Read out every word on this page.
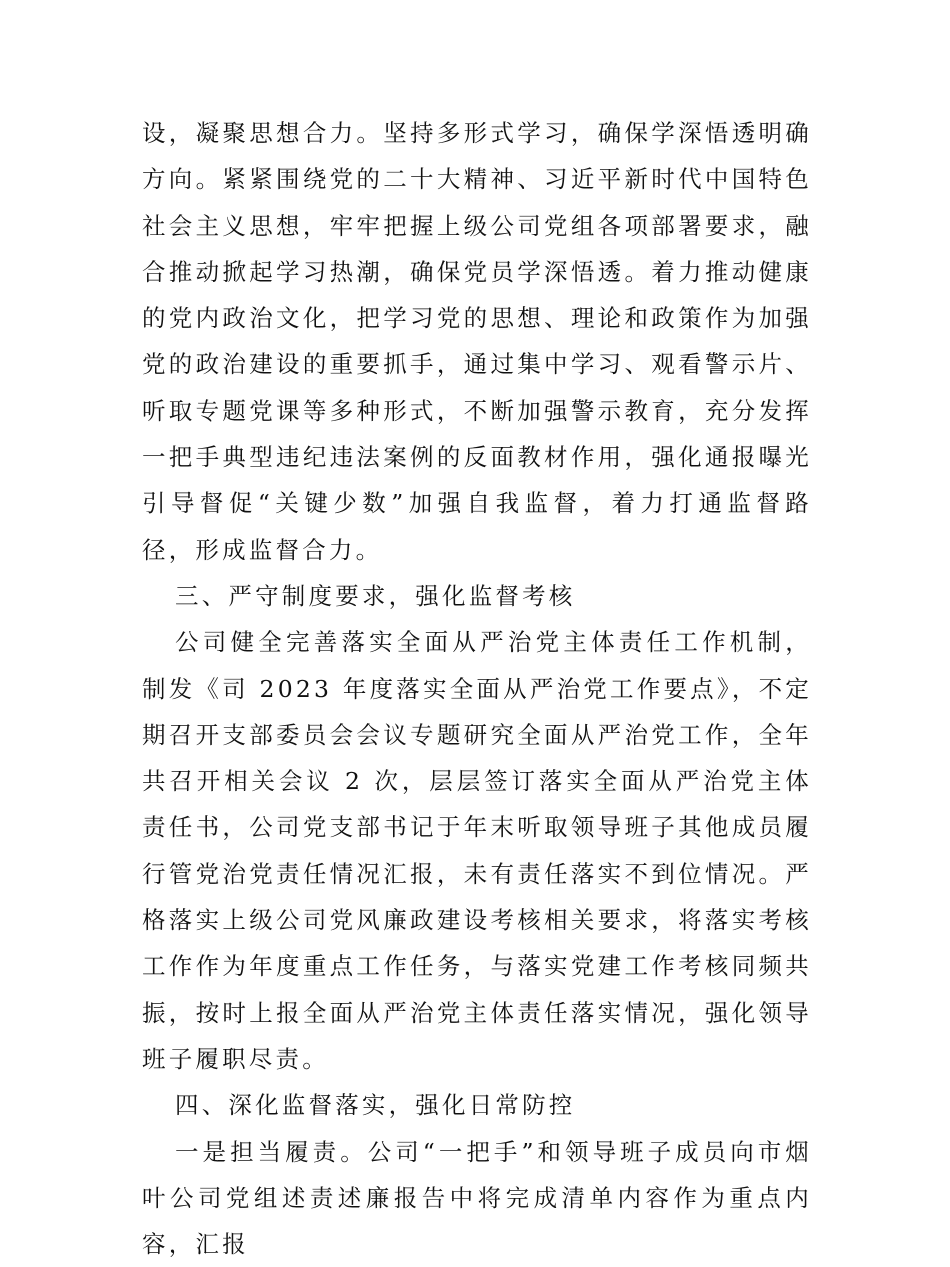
设，凝聚思想合力。坚持多形式学习，确保学深悟透明确方向。紧紧围绕党的二十大精神、习近平新时代中国特色社会主义思想，牢牢把握上级公司党组各项部署要求，融合推动掀起学习热潮，确保党员学深悟透。着力推动健康的党内政治文化，把学习党的思想、理论和政策作为加强党的政治建设的重要抓手，通过集中学习、观看警示片、听取专题党课等多种形式，不断加强警示教育，充分发挥一把手典型违纪违法案例的反面教材作用，强化通报曝光引导督促“关键少数”加强自我监督，着力打通监督路径，形成监督合力。

三、严守制度要求，强化监督考核

公司健全完善落实全面从严治党主体责任工作机制，制发《司 2023 年度落实全面从严治党工作要点》，不定期召开支部委员会会议专题研究全面从严治党工作，全年共召开相关会议 2 次，层层签订落实全面从严治党主体责任书，公司党支部书记于年末听取领导班子其他成员履行管党治党责任情况汇报，未有责任落实不到位情况。严格落实上级公司党风廉政建设考核相关要求，将落实考核工作作为年度重点工作任务，与落实党建工作考核同频共振，按时上报全面从严治党主体责任落实情况，强化领导班子履职尽责。

四、深化监督落实，强化日常防控

一是担当履责。公司“一把手”和领导班子成员向市烟叶公司党组述责述廉报告中将完成清单内容作为重点内容，汇报
